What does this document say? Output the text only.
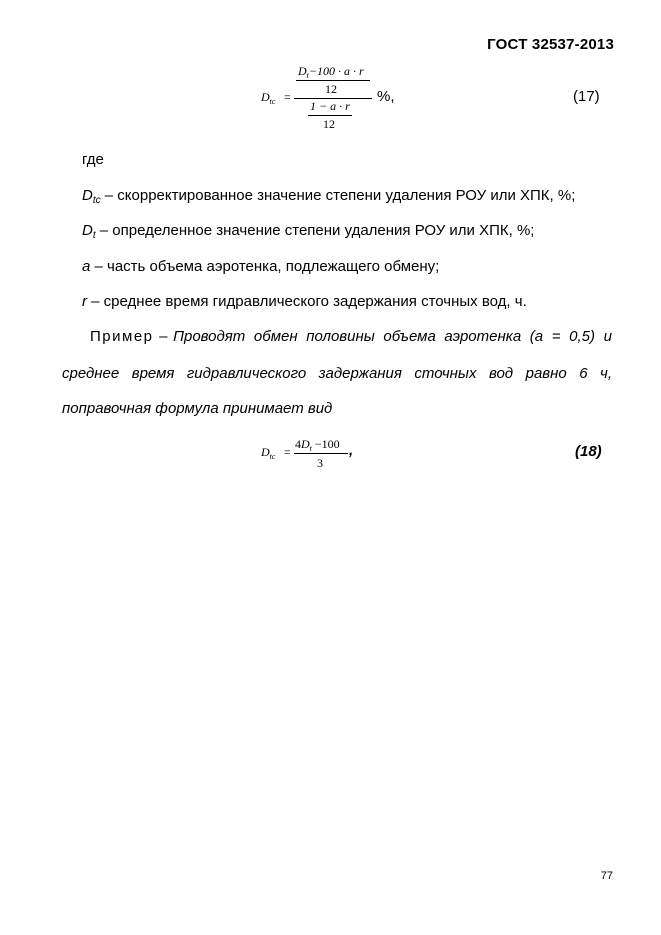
ГОСТ 32537-2013
$D_{tc}$ =
$D_t-100 \cdot a \cdot r$
12
1 − a · r
12
%,	(17)
где
$D_{tc}$ – скорректированное значение степени удаления РОУ или ХПК, %;
$D_t$ – определенное значение степени удаления РОУ или ХПК, %;
a – часть объема аэротенка, подлежащего обмену;
r – среднее время гидравлического задержания сточных вод, ч.
Пример – Проводят обмен половины объема аэротенка (a = 0,5) и
среднее время гидравлического задержания сточных вод равно 6 ч,
поправочная формула принимает вид
$D_{tc}$ =
$4D_t -100$
3
,	(18)
77
